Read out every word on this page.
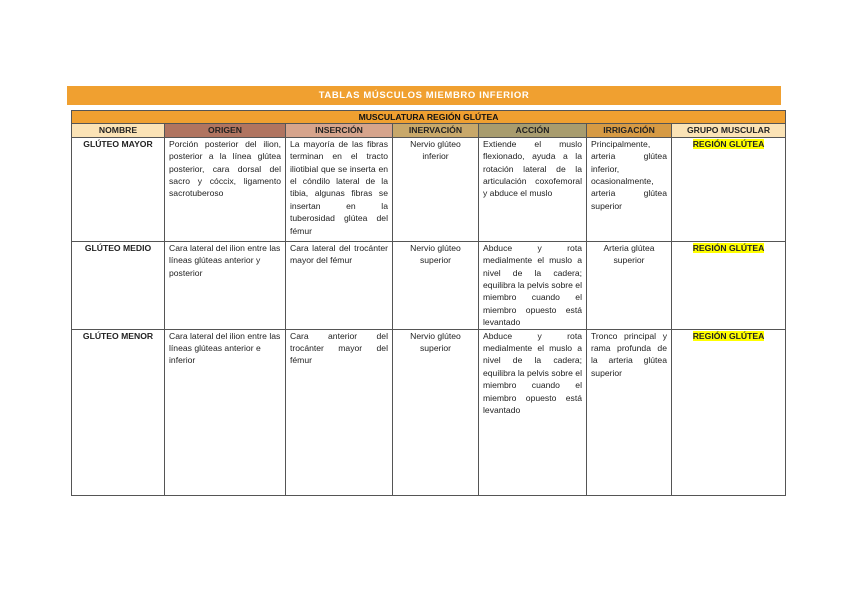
TABLAS MÚSCULOS MIEMBRO INFERIOR
MUSCULATURA REGIÓN GLÚTEA						
NOMBRE	ORIGEN	INSERCIÓN	INERVACIÓN	ACCIÓN	IRRIGACIÓN	GRUPO MUSCULAR
GLÚTEO MAYOR	Porción posterior del ilion, posterior a la línea glútea posterior, cara dorsal del sacro y cóccix, ligamento sacrotuberoso	La mayoría de las fibras terminan en el tracto iliotibial que se inserta en el cóndilo lateral de la tibia, algunas fibras se insertan en la tuberosidad glútea del fémur	Nervio glúteo inferior	Extiende el muslo flexionado, ayuda a la rotación lateral de la articulación coxofemoral y abduce el muslo	Principalmente, arteria glútea inferior, ocasionalmente, arteria glútea superior	REGIÓN GLÚTEA
GLÚTEO MEDIO	Cara lateral del ilion entre las líneas glúteas anterior y posterior	Cara lateral del trocánter mayor del fémur	Nervio glúteo superior	Abduce y rota medialmente el muslo a nivel de la cadera; equilibra la pelvis sobre el miembro cuando el miembro opuesto está levantado	Arteria glútea superior	REGIÓN GLÚTEA
GLÚTEO MENOR	Cara lateral del ilion entre las líneas glúteas anterior e inferior	Cara anterior del trocánter mayor del fémur	Nervio glúteo superior	Abduce y rota medialmente el muslo a nivel de la cadera; equilibra la pelvis sobre el miembro cuando el miembro opuesto está levantado	Tronco principal y rama profunda de la arteria glútea superior	REGIÓN GLÚTEA
